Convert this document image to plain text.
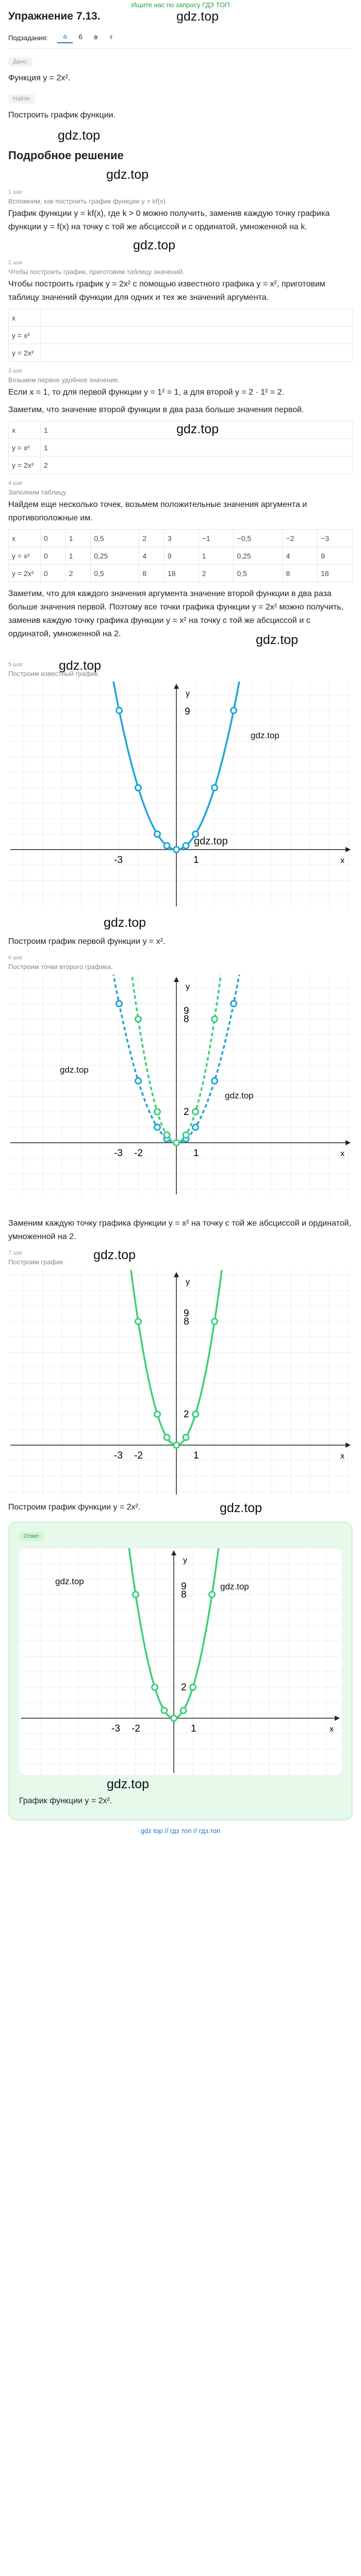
Ищите нас по запросу ГДЗ ТОП
Упражнение 7.13.	gdz.top
Подзадания:	а	б	в	г
Дано:

Функция y = 2x².

Найти:

Построить график функции.

gdz.top
Подробное решение
gdz.top
1 шаг
Вспомним, как построить график функции y = kf(x).

График функции y = kf(x), где k > 0 можно получить, заменив каждую точку графика функции y = f(x) на точку с той же абсциссой и с ординатой, умноженной на k.

gdz.top
2 шаг
Чтобы построить график, приготовим таблицу значений.

Чтобы построить график y = 2x² с помощью известного графика y = x², приготовим таблицу значений функции для одних и тех же значений аргумента.

x	
y = x²	
y = 2x²	
3 шаг
Возьмем первое удобное значение.

Если x = 1, то для первой функции y = 1² = 1, а для второй y = 2 · 1² = 2.

Заметим, что значение второй функции в два раза больше значения первой.

x	1
y = x²	1
y = 2x²	2
gdz.top
4 шаг
Заполним таблицу.

Найдем еще несколько точек, возьмем положительные значения аргумента и противоположные им.

x	0	1	0,5	2	3	−1	−0,5	−2	−3
y = x²	0	1	0,25	4	9	1	0,25	4	9
y = 2x²	0	2	0,5	8	18	2	0,5	8	18

Заметим, что для каждого значения аргумента значение второй функции в два раза больше значения первой. Поэтому все точки графика функции y = 2x² можно получить, заменив каждую точку графика функции y = x² на точку с той же абсциссой и с ординатой, умноженной на 2.	gdz.top
5 шаг	gdz.top
Построим известный график.
x
y
-3	1
9
gdz.top
gdz.top
gdz.top

Построим график первой функции y = x².

6 шаг
Построим точки второго графика.
x
y
-3 -2	1
2
8
9
gdz.top
gdz.top

Заменим каждую точку графика функции y = x² на точку с той же абсциссой и ординатой, умноженной на 2.

7 шаг	gdz.top
Построим график.
x
y
-3 -2	1
2
8
9

Построим график функции y = 2x².	gdz.top
Ответ
x
y
-3 -2	1
2
8
9
gdz.top
gdz.top
gdz.top

График функции y = 2x².

gdz top // гдз топ // гдз.топ
